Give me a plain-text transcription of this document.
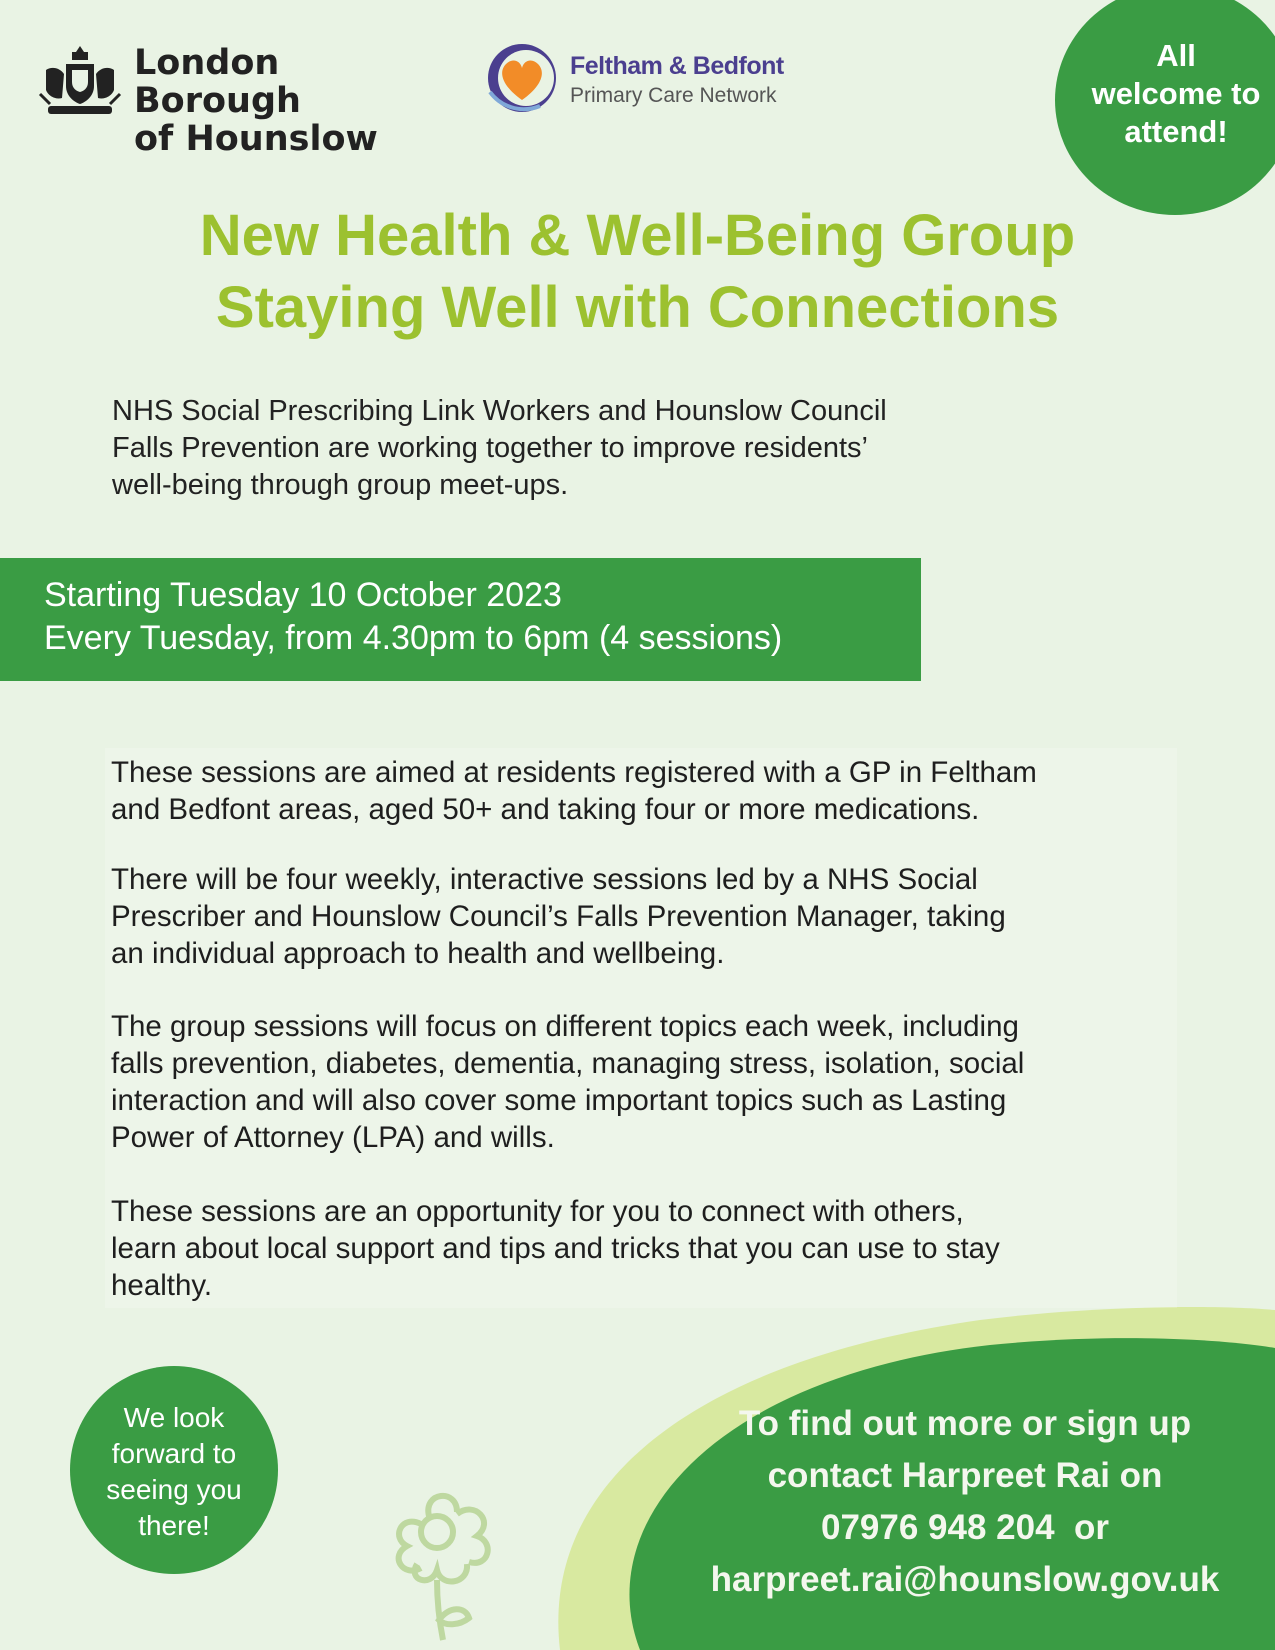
London Borough
of Hounslow
Feltham & Bedfont
Primary Care Network
All
welcome to
attend!
New Health & Well-Being Group
Staying Well with Connections
NHS Social Prescribing Link Workers and Hounslow Council
Falls Prevention are working together to improve residents’
well-being through group meet-ups.
Starting Tuesday 10 October 2023
Every Tuesday, from 4.30pm to 6pm (4 sessions)
These sessions are aimed at residents registered with a GP in Feltham
and Bedfont areas, aged 50+ and taking four or more medications.
There will be four weekly, interactive sessions led by a NHS Social
Prescriber and Hounslow Council’s Falls Prevention Manager, taking
an individual approach to health and wellbeing.
The group sessions will focus on different topics each week, including
falls prevention, diabetes, dementia, managing stress, isolation, social
interaction and will also cover some important topics such as Lasting
Power of Attorney (LPA) and wills.
These sessions are an opportunity for you to connect with others,
learn about local support and tips and tricks that you can use to stay
healthy.
We look
forward to
seeing you
there!
To find out more or sign up
contact Harpreet Rai on
07976 948 204  or
harpreet.rai@hounslow.gov.uk
